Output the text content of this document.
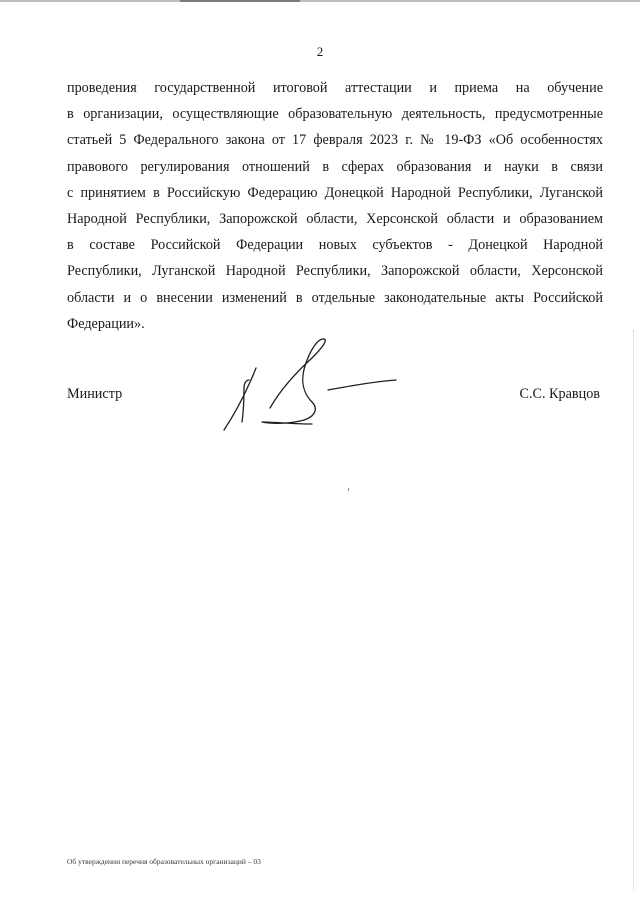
2
проведения государственной итоговой аттестации и приема на обучение
в организации, осуществляющие образовательную деятельность, предусмотренные
статьей 5 Федерального закона от 17 февраля 2023 г. № 19-ФЗ «Об особенностях
правового регулирования отношений в сферах образования и науки в связи
с принятием в Российскую Федерацию Донецкой Народной Республики, Луганской
Народной Республики, Запорожской области, Херсонской области и образованием
в составе Российской Федерации новых субъектов - Донецкой Народной
Республики, Луганской Народной Республики, Запорожской области, Херсонской
области и о внесении изменений в отдельные законодательные акты Российской
Федерации».
Министр	С.С. Кравцов
Об утверждении перечня образовательных организаций – 03
